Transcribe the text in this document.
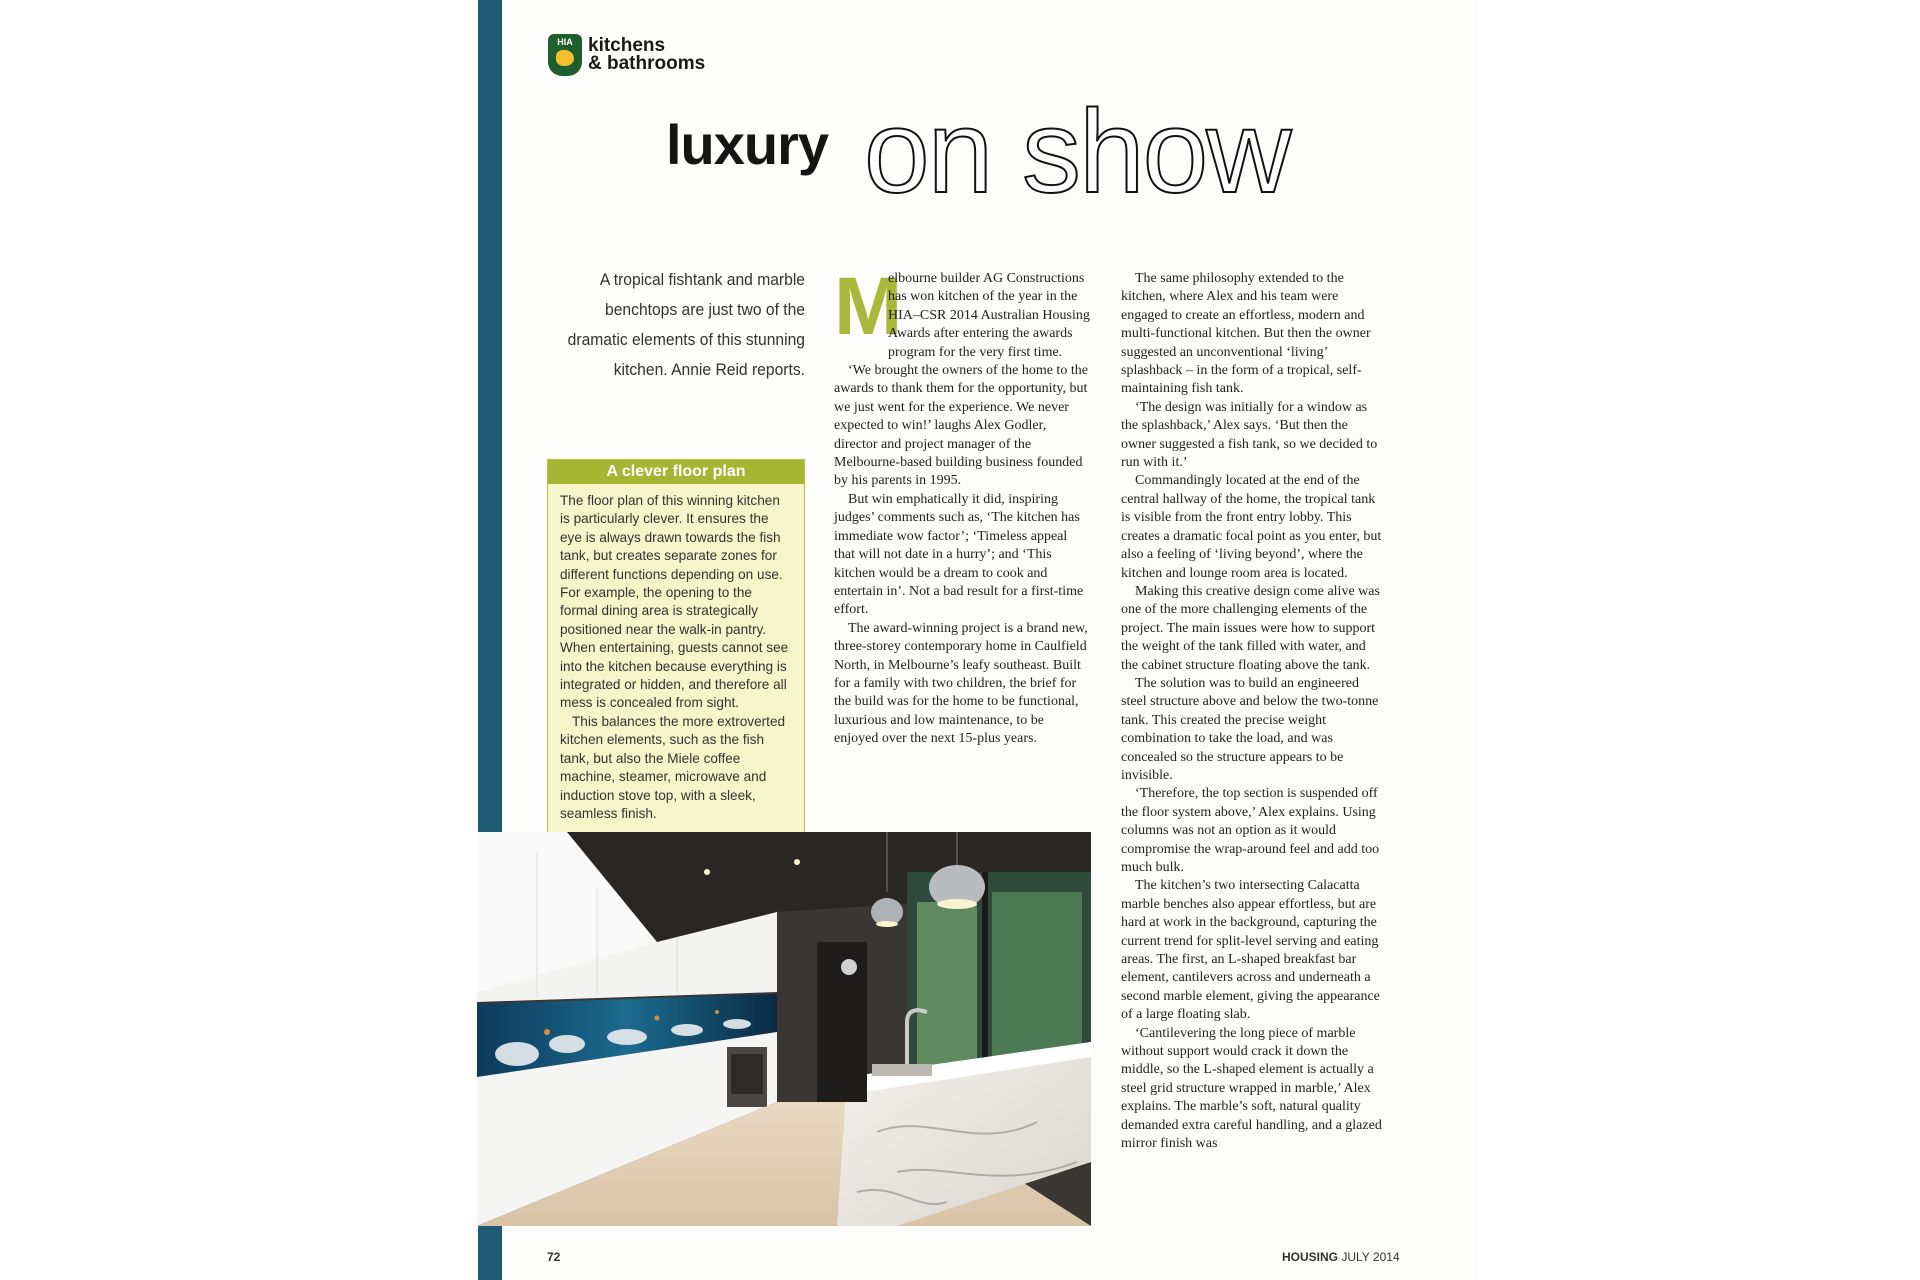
HIA kitchens
& bathrooms
luxury on show
A tropical fishtank and marble benchtops are just two of the dramatic elements of this stunning kitchen. Annie Reid reports.
A clever floor plan

The floor plan of this winning kitchen is particularly clever. It ensures the eye is always drawn towards the fish tank, but creates separate zones for different functions depending on use. For example, the opening to the formal dining area is strategically positioned near the walk-in pantry. When entertaining, guests cannot see into the kitchen because everything is integrated or hidden, and therefore all mess is concealed from sight.

This balances the more extroverted kitchen elements, such as the fish tank, but also the Miele coffee machine, steamer, microwave and induction stove top, with a sleek, seamless finish.

M

elbourne builder AG Constructions has won kitchen of the year in the HIA–CSR 2014 Australian Housing Awards after entering the awards program for the very first time.

‘We brought the owners of the home to the awards to thank them for the opportunity, but we just went for the experience. We never expected to win!’ laughs Alex Godler, director and project manager of the Melbourne-based building business founded by his parents in 1995.

But win emphatically it did, inspiring judges’ comments such as, ‘The kitchen has immediate wow factor’; ‘Timeless appeal that will not date in a hurry’; and ‘This kitchen would be a dream to cook and entertain in’. Not a bad result for a first-time effort.

The award-winning project is a brand new, three-storey contemporary home in Caulfield North, in Melbourne’s leafy southeast. Built for a family with two children, the brief for the build was for the home to be functional, luxurious and low maintenance, to be enjoyed over the next 15-plus years.

The same philosophy extended to the kitchen, where Alex and his team were engaged to create an effortless, modern and multi-functional kitchen. But then the owner suggested an unconventional ‘living’ splashback – in the form of a tropical, self-maintaining fish tank.

‘The design was initially for a window as the splashback,’ Alex says. ‘But then the owner suggested a fish tank, so we decided to run with it.’

Commandingly located at the end of the central hallway of the home, the tropical tank is visible from the front entry lobby. This creates a dramatic focal point as you enter, but also a feeling of ‘living beyond’, where the kitchen and lounge room area is located.

Making this creative design come alive was one of the more challenging elements of the project. The main issues were how to support the weight of the tank filled with water, and the cabinet structure floating above the tank.

The solution was to build an engineered steel structure above and below the two-tonne tank. This created the precise weight combination to take the load, and was concealed so the structure appears to be invisible.

‘Therefore, the top section is suspended off the floor system above,’ Alex explains. Using columns was not an option as it would compromise the wrap-around feel and add too much bulk.

The kitchen’s two intersecting Calacatta marble benches also appear effortless, but are hard at work in the background, capturing the current trend for split-level serving and eating areas. The first, an L-shaped breakfast bar element, cantilevers across and underneath a second marble element, giving the appearance of a large floating slab.

‘Cantilevering the long piece of marble without support would crack it down the middle, so the L-shaped element is actually a steel grid structure wrapped in marble,’ Alex explains. The marble’s soft, natural quality demanded extra careful handling, and a glazed mirror finish was

72	HOUSING JULY 2014
